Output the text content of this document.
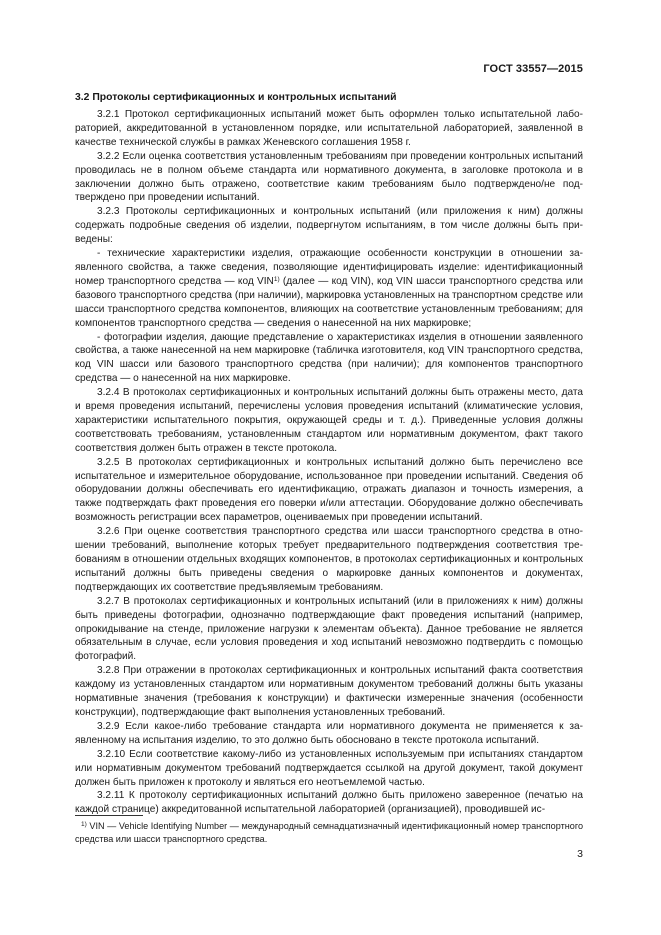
ГОСТ 33557—2015
3.2 Протоколы сертификационных и контрольных испытаний

3.2.1 Протокол сертификационных испытаний может быть оформлен только испытательной лабораторией, аккредитованной в установленном порядке, или испытательной лабораторией, заявленной в качестве технической службы в рамках Женевского соглашения 1958 г.

3.2.2 Если оценка соответствия установленным требованиям при проведении контрольных испытаний проводилась не в полном объеме стандарта или нормативного документа, в заголовке протокола и в заключении должно быть отражено, соответствие каким требованиям было подтверждено/не подтверждено при проведении испытаний.

3.2.3 Протоколы сертификационных и контрольных испытаний (или приложения к ним) должны содержать подробные сведения об изделии, подвергнутом испытаниям, в том числе должны быть приведены:

- технические характеристики изделия, отражающие особенности конструкции в отношении заявленного свойства, а также сведения, позволяющие идентифицировать изделие: идентификационный номер транспортного средства — код VIN$^{1)}$ (далее — код VIN), код VIN шасси транспортного средства или базового транспортного средства (при наличии), маркировка установленных на транспортном средстве или шасси транспортного средства компонентов, влияющих на соответствие установленным требованиям; для компонентов транспортного средства — сведения о нанесенной на них маркировке;

- фотографии изделия, дающие представление о характеристиках изделия в отношении заявленного свойства, а также нанесенной на нем маркировке (табличка изготовителя, код VIN транспортного средства, код VIN шасси или базового транспортного средства (при наличии); для компонентов транспортного средства — о нанесенной на них маркировке.

3.2.4 В протоколах сертификационных и контрольных испытаний должны быть отражены место, дата и время проведения испытаний, перечислены условия проведения испытаний (климатические условия, характеристики испытательного покрытия, окружающей среды и т. д.). Приведенные условия должны соответствовать требованиям, установленным стандартом или нормативным документом, факт такого соответствия должен быть отражен в тексте протокола.

3.2.5 В протоколах сертификационных и контрольных испытаний должно быть перечислено все испытательное и измерительное оборудование, использованное при проведении испытаний. Сведения об оборудовании должны обеспечивать его идентификацию, отражать диапазон и точность измерения, а также подтверждать факт проведения его поверки и/или аттестации. Оборудование должно обеспечивать возможность регистрации всех параметров, оцениваемых при проведении испытаний.

3.2.6 При оценке соответствия транспортного средства или шасси транспортного средства в отношении требований, выполнение которых требует предварительного подтверждения соответствия требованиям в отношении отдельных входящих компонентов, в протоколах сертификационных и контрольных испытаний должны быть приведены сведения о маркировке данных компонентов и документах, подтверждающих их соответствие предъявляемым требованиям.

3.2.7 В протоколах сертификационных и контрольных испытаний (или в приложениях к ним) должны быть приведены фотографии, однозначно подтверждающие факт проведения испытаний (например, опрокидывание на стенде, приложение нагрузки к элементам объекта). Данное требование не является обязательным в случае, если условия проведения и ход испытаний невозможно подтвердить с помощью фотографий.

3.2.8 При отражении в протоколах сертификационных и контрольных испытаний факта соответствия каждому из установленных стандартом или нормативным документом требований должны быть указаны нормативные значения (требования к конструкции) и фактически измеренные значения (особенности конструкции), подтверждающие факт выполнения установленных требований.

3.2.9 Если какое-либо требование стандарта или нормативного документа не применяется к заявленному на испытания изделию, то это должно быть обосновано в тексте протокола испытаний.

3.2.10 Если соответствие какому-либо из установленных используемым при испытаниях стандартом или нормативным документом требований подтверждается ссылкой на другой документ, такой документ должен быть приложен к протоколу и являться его неотъемлемой частью.

3.2.11 К протоколу сертификационных испытаний должно быть приложено заверенное (печатью на каждой странице) аккредитованной испытательной лабораторией (организацией), проводившей ис-

$^{1)}$ VIN — Vehicle Identifying Number — международный семнадцатизначный идентификационный номер транспортного средства или шасси транспортного средства.
3
